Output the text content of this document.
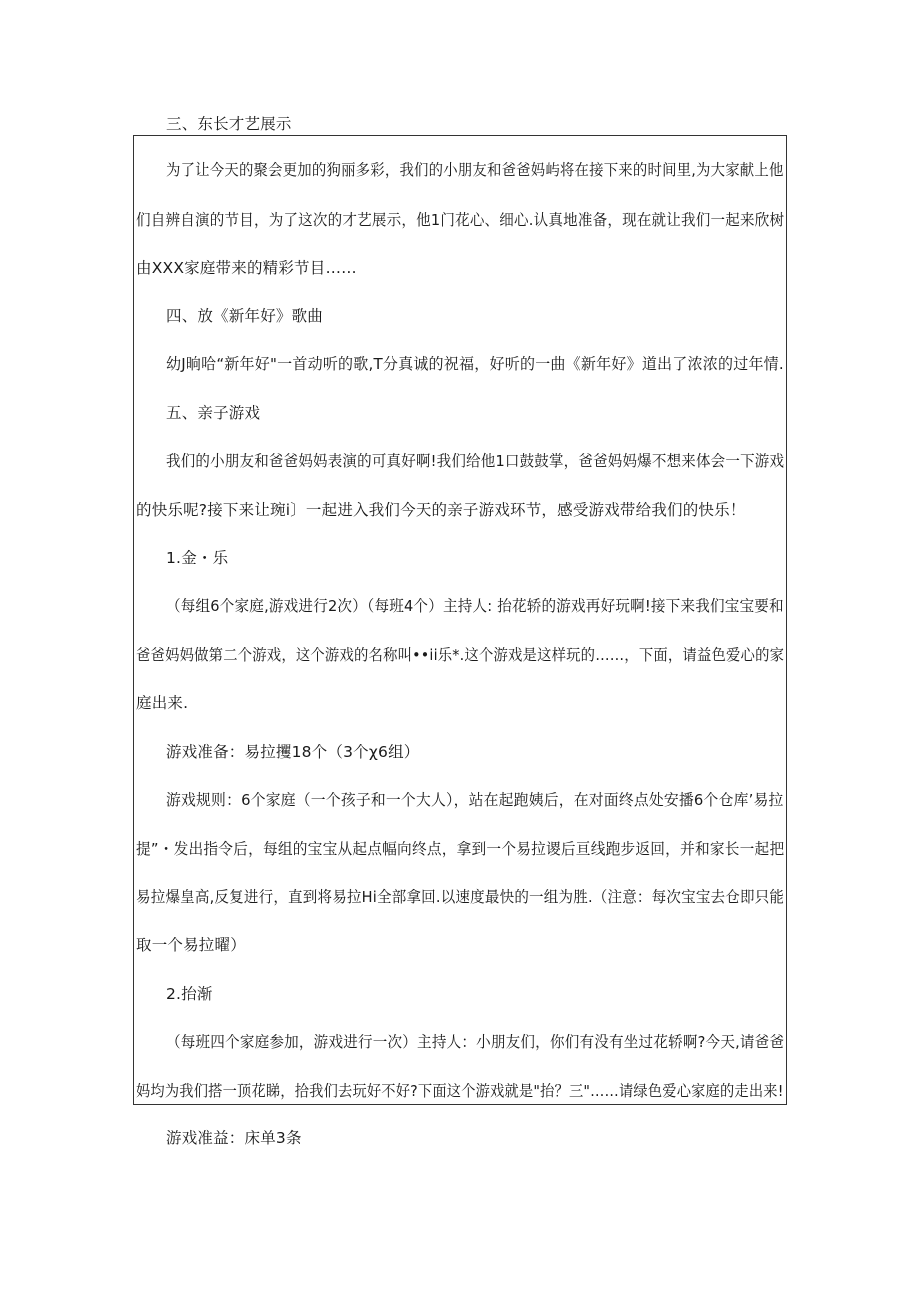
三、东长才艺展示
为了让今天的聚会更加的狗丽多彩，我们的小朋友和爸爸妈屿将在接下来的时间里,为大家献上他
们自辨自演的节目，为了这次的才艺展示，他1门花心、细心.认真地准备，现在就让我们一起来欣树
由XXX家庭带来的精彩节目……
四、放《新年好》歌曲
幼J晌哈“新年好"一首动听的歌,T分真诚的祝福，好听的一曲《新年好》道出了浓浓的过年情.
五、亲子游戏
我们的小朋友和爸爸妈妈表演的可真好啊!我们给他1口鼓鼓掌，爸爸妈妈爆不想来体会一下游戏
的快乐呢?接下来让琬i〕一起进入我们今天的亲子游戏环节，感受游戏带给我们的快乐！
1.金・乐
（每组6个家庭,游戏进行2次）（每班4个）主持人: 抬花轿的游戏再好玩啊!接下来我们宝宝要和
爸爸妈妈做第二个游戏，这个游戏的名称叫••ii乐*.这个游戏是这样玩的……，下面，请益色爱心的家
庭出来.
游戏准备：易拉攫18个（3个χ6组）
游戏规则：6个家庭（一个孩子和一个大人），站在起跑姨后，在对面终点处安播6个仓库’易拉
提”・发出指令后，每组的宝宝从起点幅向终点，拿到一个易拉谡后亘线跑步返回，并和家长一起把
易拉爆皇高,反复进行，直到将易拉Hi全部拿回.以速度最快的一组为胜.（注意：每次宝宝去仓即只能
取一个易拉曜）
2.抬渐
（每班四个家庭参加，游戏进行一次）主持人：小朋友们，你们有没有坐过花轿啊?今天,请爸爸
妈均为我们搭一顶花睇，拾我们去玩好不好?下面这个游戏就是"抬？三"……请绿色爱心家庭的走出来!
游戏准益：床单3条
